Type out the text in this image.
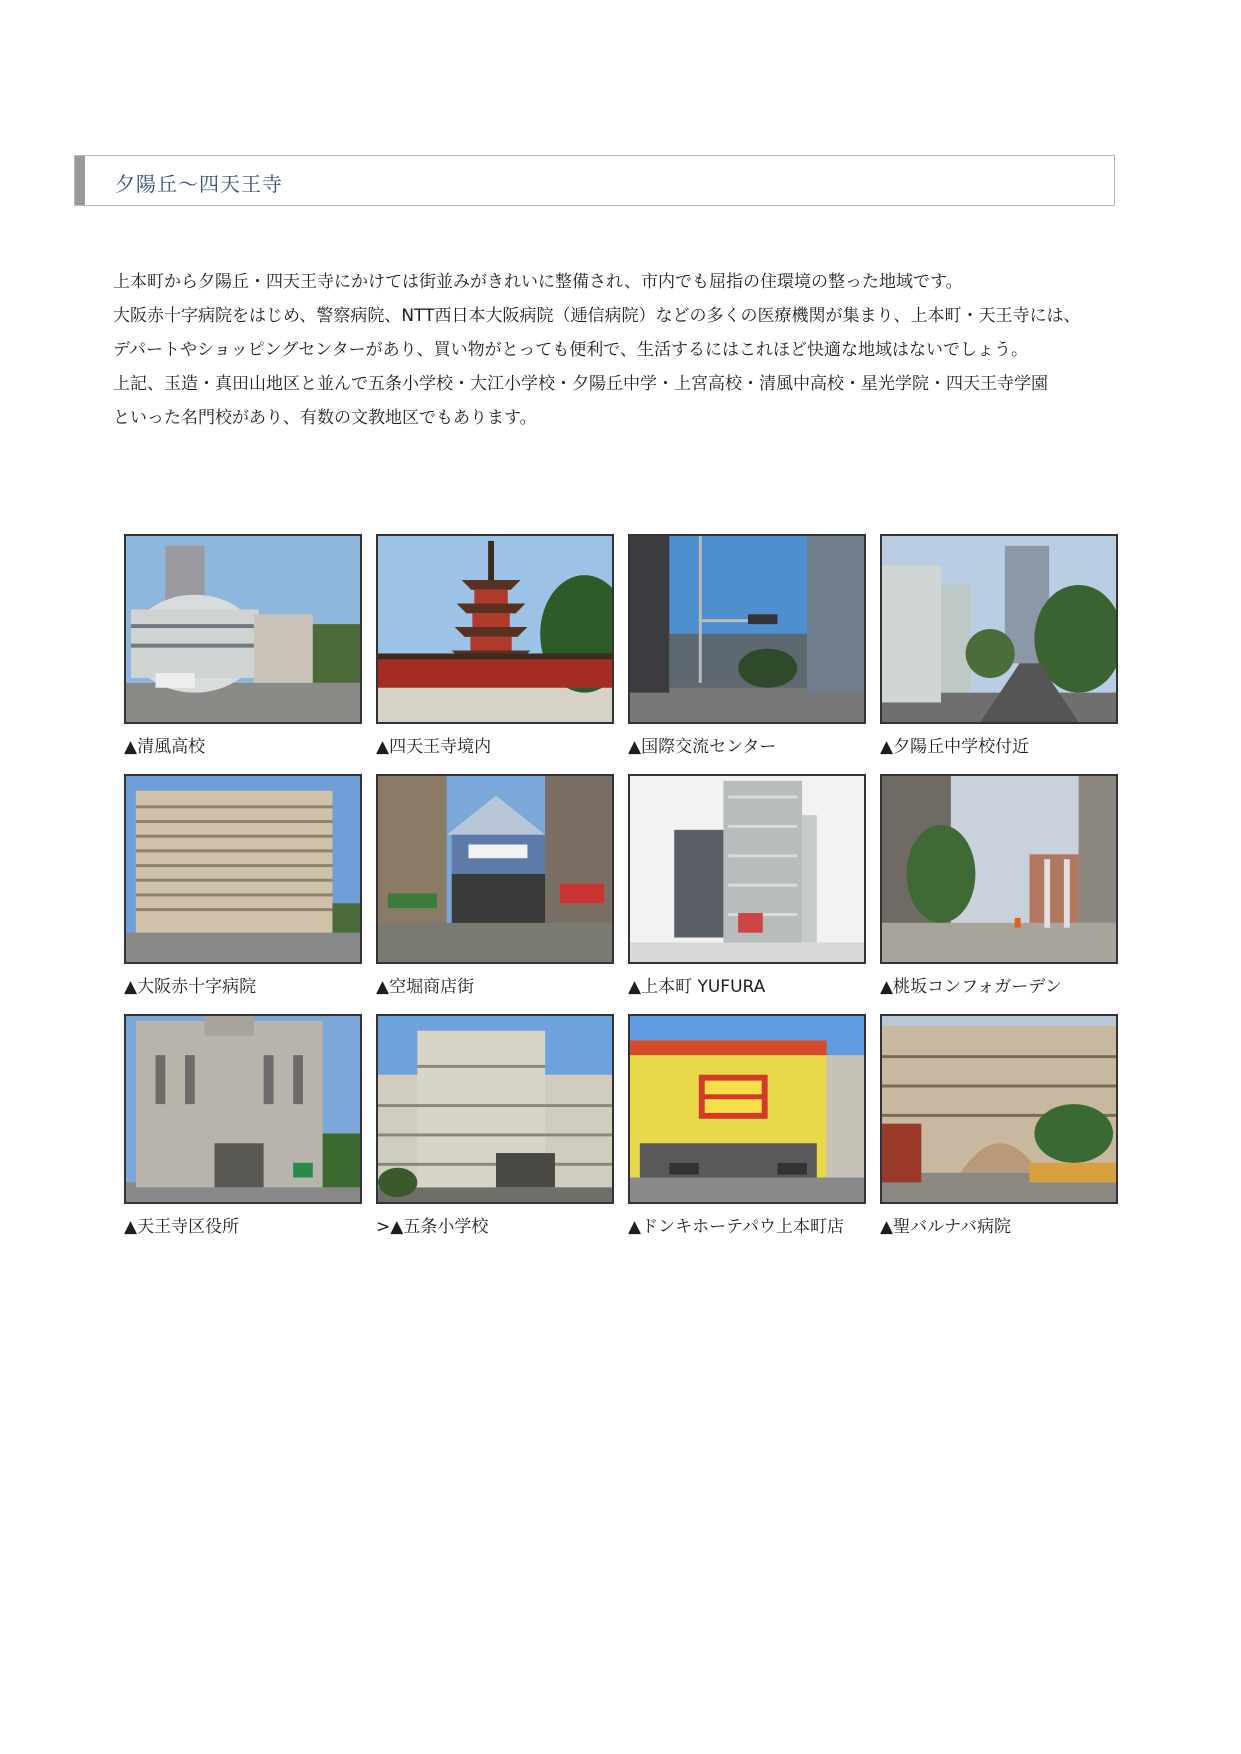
夕陽丘～四天王寺

上本町から夕陽丘・四天王寺にかけては街並みがきれいに整備され、市内でも屈指の住環境の整った地域です。

大阪赤十字病院をはじめ、警察病院、NTT西日本大阪病院（逓信病院）などの多くの医療機関が集まり、上本町・天王寺には、

デパートやショッピングセンターがあり、買い物がとっても便利で、生活するにはこれほど快適な地域はないでしょう。

上記、玉造・真田山地区と並んで五条小学校・大江小学校・夕陽丘中学・上宮高校・清風中高校・星光学院・四天王寺学園

といった名門校があり、有数の文教地区でもあります。

▲清風高校	▲四天王寺境内	▲国際交流センター	▲夕陽丘中学校付近
▲大阪赤十字病院	▲空堀商店街	▲上本町 YUFURA	▲桃坂コンフォガーデン
▲天王寺区役所	>▲五条小学校	▲ドンキホーテパウ上本町店	▲聖バルナバ病院
